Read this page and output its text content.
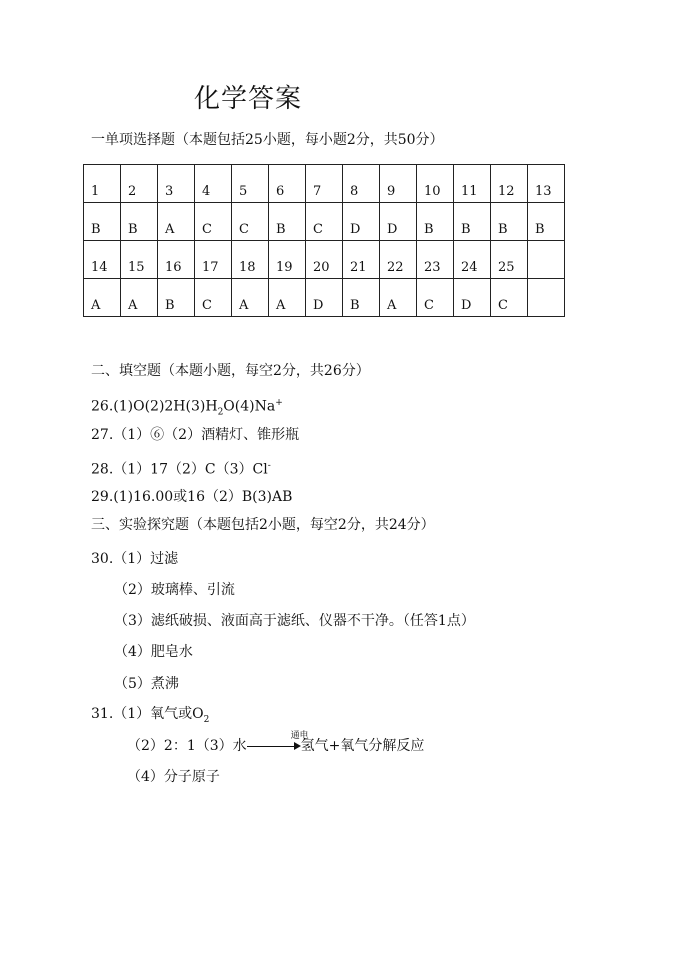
化学答案
一单项选择题（本题包括25小题，每小题2分，共50分）
1	2	3	4	5	6	7	8	9	10	11	12	13
B	B	A	C	C	B	C	D	D	B	B	B	B
14	15	16	17	18	19	20	21	22	23	24	25	
A	A	B	C	A	A	D	B	A	C	D	C	
二、填空题（本题小题，每空2分，共26分）
$26.(1)O(2)2H(3)H_2O(4)Na^+$
27.（1）⑥（2）酒精灯、锥形瓶
28.（1）17（2）C（3）Cl-
29.(1)16.00或16（2）B(3)AB
三、实验探究题（本题包括2小题，每空2分，共24分）
30.（1）过滤
（2）玻璃棒、引流
（3）滤纸破损、液面高于滤纸、仪器不干净。（任答1点）
（4）肥皂水
（5）煮沸
31.（1）氧气或$O_2$
（2）2：1（3）水
通电
氢气+氧气分解反应
（4）分子原子
